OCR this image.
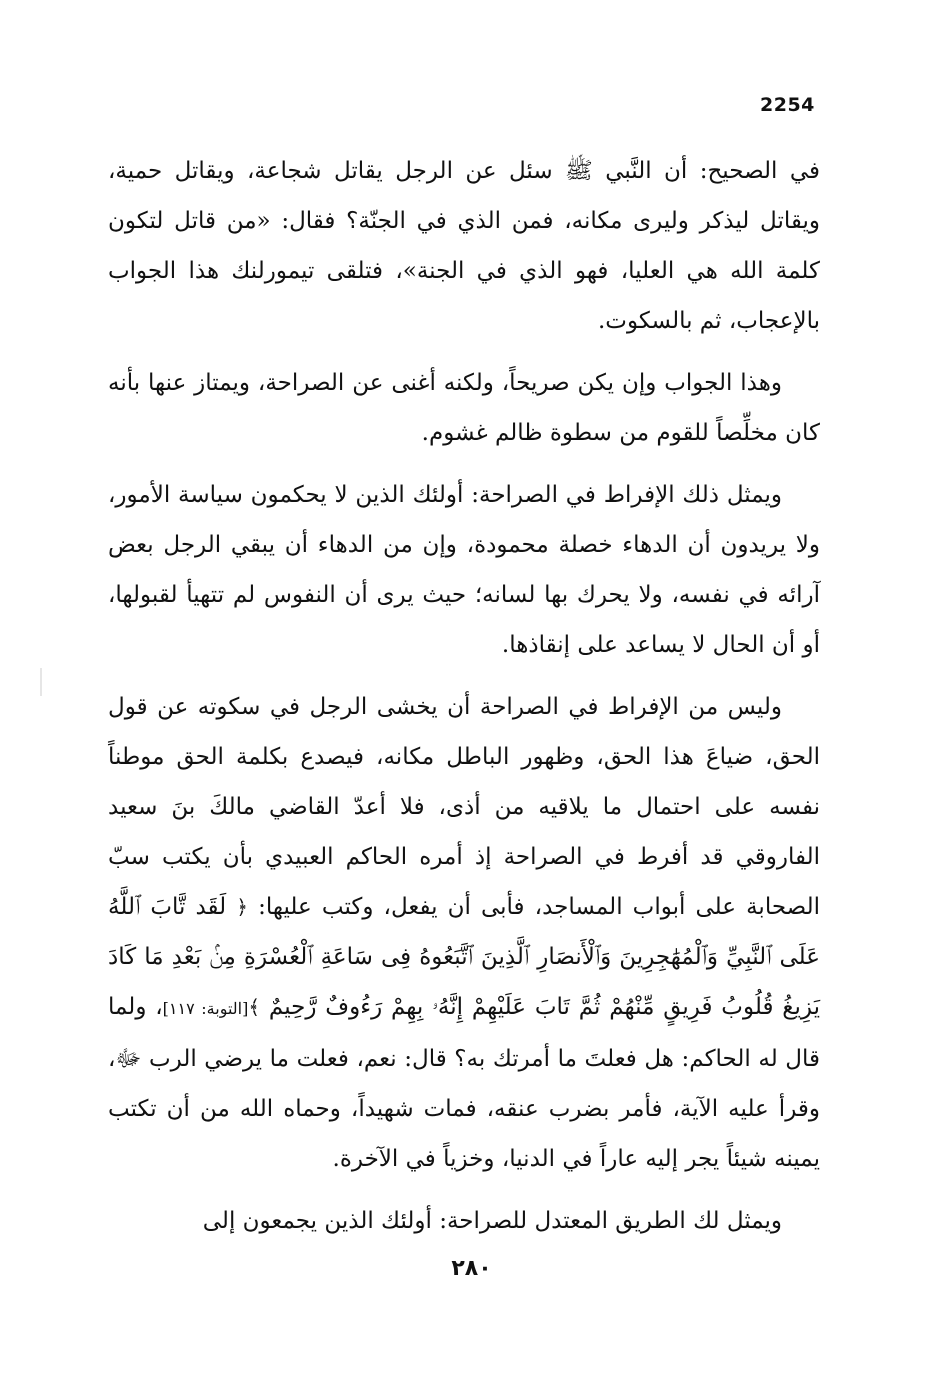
2254

في الصحيح: أن النَّبي ﷺ سئل عن الرجل يقاتل شجاعة، ويقاتل حمية، ويقاتل ليذكر وليرى مكانه، فمن الذي في الجنّة؟ فقال: «من قاتل لتكون كلمة الله هي العليا، فهو الذي في الجنة»، فتلقى تيمورلنك هذا الجواب بالإعجاب، ثم بالسكوت.

وهذا الجواب وإن يكن صريحاً، ولكنه أغنى عن الصراحة، ويمتاز عنها بأنه كان مخلِّصاً للقوم من سطوة ظالم غشوم.

ويمثل ذلك الإفراط في الصراحة: أولئك الذين لا يحكمون سياسة الأمور، ولا يريدون أن الدهاء خصلة محمودة، وإن من الدهاء أن يبقي الرجل بعض آرائه في نفسه، ولا يحرك بها لسانه؛ حيث يرى أن النفوس لم تتهيأ لقبولها، أو أن الحال لا يساعد على إنقاذها.

وليس من الإفراط في الصراحة أن يخشى الرجل في سكوته عن قول الحق، ضياعَ هذا الحق، وظهور الباطل مكانه، فيصدع بكلمة الحق موطناً نفسه على احتمال ما يلاقيه من أذى، فلا أعدّ القاضي مالكَ بنَ سعيد الفاروقي قد أفرط في الصراحة إذ أمره الحاكم العبيدي بأن يكتب سبّ الصحابة على أبواب المساجد، فأبى أن يفعل، وكتب عليها: ﴿ لَقَد تَّابَ ٱللَّهُ عَلَى ٱلنَّبِيِّ وَٱلْمُهَٰجِرِينَ وَٱلْأَنصَارِ ٱلَّذِينَ ٱتَّبَعُوهُ فِى سَاعَةِ ٱلْعُسْرَةِ مِنۢ بَعْدِ مَا كَادَ يَزِيغُ قُلُوبُ فَرِيقٍ مِّنْهُمْ ثُمَّ تَابَ عَلَيْهِمْ إِنَّهُۥ بِهِمْ رَءُوفٌ رَّحِيمٌ ﴾[التوبة: ١١٧]، ولما قال له الحاكم: هل فعلتَ ما أمرتك به؟ قال: نعم، فعلت ما يرضي الرب ﷻ، وقرأ عليه الآية، فأمر بضرب عنقه، فمات شهيداً، وحماه الله من أن تكتب يمينه شيئاً يجر إليه عاراً في الدنيا، وخزياً في الآخرة.

ويمثل لك الطريق المعتدل للصراحة: أولئك الذين يجمعون إلى

٢٨٠
